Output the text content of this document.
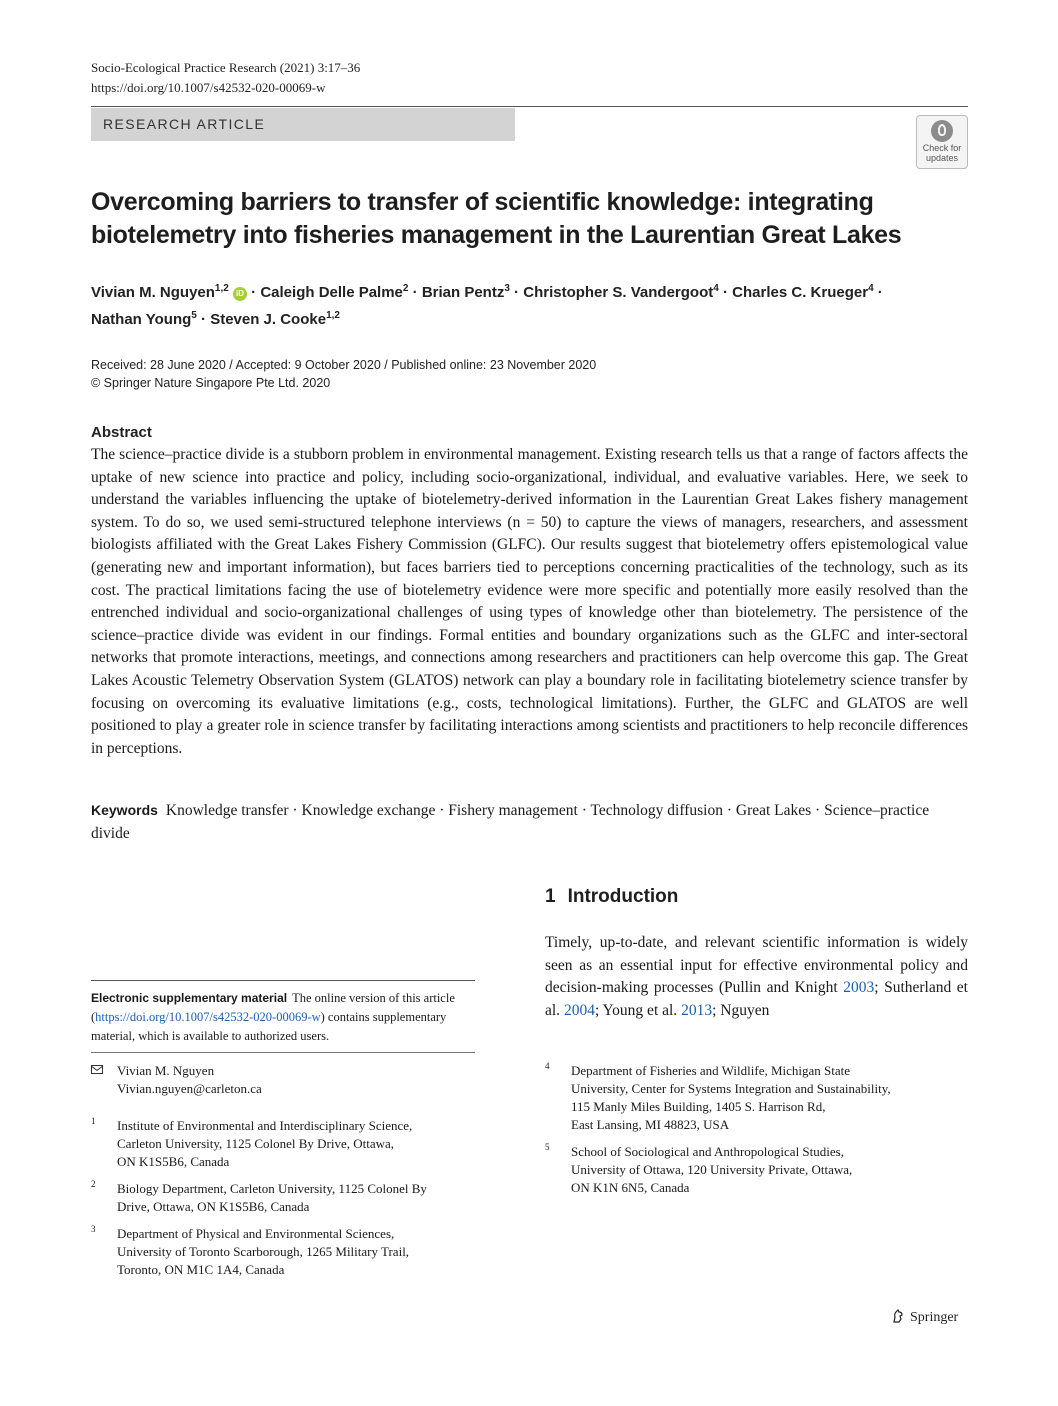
Socio-Ecological Practice Research (2021) 3:17–36
https://doi.org/10.1007/s42532-020-00069-w
RESEARCH ARTICLE
Check for
updates
Overcoming barriers to transfer of scientific knowledge: integrating
biotelemetry into fisheries management in the Laurentian Great Lakes
Vivian M. Nguyen$^{1,2}$ iD · Caleigh Delle Palme$^2$ · Brian Pentz$^3$ · Christopher S. Vandergoot$^4$ · Charles C. Krueger$^4$ ·
Nathan Young$^5$ · Steven J. Cooke$^{1,2}$
Received: 28 June 2020 / Accepted: 9 October 2020 / Published online: 23 November 2020
© Springer Nature Singapore Pte Ltd. 2020
Abstract
The science–practice divide is a stubborn problem in environmental management. Existing research tells us that a range of factors affects the uptake of new science into practice and policy, including socio-organizational, individual, and evaluative variables. Here, we seek to understand the variables influencing the uptake of biotelemetry-derived information in the Laurentian Great Lakes fishery management system. To do so, we used semi-structured telephone interviews (n = 50) to capture the views of managers, researchers, and assessment biologists affiliated with the Great Lakes Fishery Commission (GLFC). Our results suggest that biotelemetry offers epistemological value (generating new and important information), but faces barriers tied to perceptions concerning practicalities of the technology, such as its cost. The practical limitations facing the use of biotelemetry evidence were more specific and potentially more easily resolved than the entrenched individual and socio-organizational challenges of using types of knowledge other than biotelemetry. The persistence of the science–practice divide was evident in our findings. Formal entities and boundary organizations such as the GLFC and inter-sectoral networks that promote interactions, meetings, and connections among researchers and practitioners can help overcome this gap. The Great Lakes Acoustic Telemetry Observation System (GLATOS) network can play a boundary role in facilitating biotelemetry science transfer by focusing on overcoming its evaluative limitations (e.g., costs, technological limitations). Further, the GLFC and GLATOS are well positioned to play a greater role in science transfer by facilitating interactions among scientists and practitioners to help reconcile differences in perceptions.
Keywords Knowledge transfer · Knowledge exchange · Fishery management · Technology diffusion · Great Lakes · Science–practice divide
1 Introduction
Timely, up-to-date, and relevant scientific information is widely seen as an essential input for effective environmental policy and decision-making processes (Pullin and Knight 2003; Sutherland et al. 2004; Young et al. 2013; Nguyen
Electronic supplementary material The online version of this article (https://doi.org/10.1007/s42532-020-00069-w) contains supplementary material, which is available to authorized users.
Vivian M. Nguyen
Vivian.nguyen@carleton.ca
1 Institute of Environmental and Interdisciplinary Science,
Carleton University, 1125 Colonel By Drive, Ottawa,
ON K1S5B6, Canada
2 Biology Department, Carleton University, 1125 Colonel By
Drive, Ottawa, ON K1S5B6, Canada
3 Department of Physical and Environmental Sciences,
University of Toronto Scarborough, 1265 Military Trail,
Toronto, ON M1C 1A4, Canada
4 Department of Fisheries and Wildlife, Michigan State
University, Center for Systems Integration and Sustainability,
115 Manly Miles Building, 1405 S. Harrison Rd,
East Lansing, MI 48823, USA
5 School of Sociological and Anthropological Studies,
University of Ottawa, 120 University Private, Ottawa,
ON K1N 6N5, Canada
Springer
